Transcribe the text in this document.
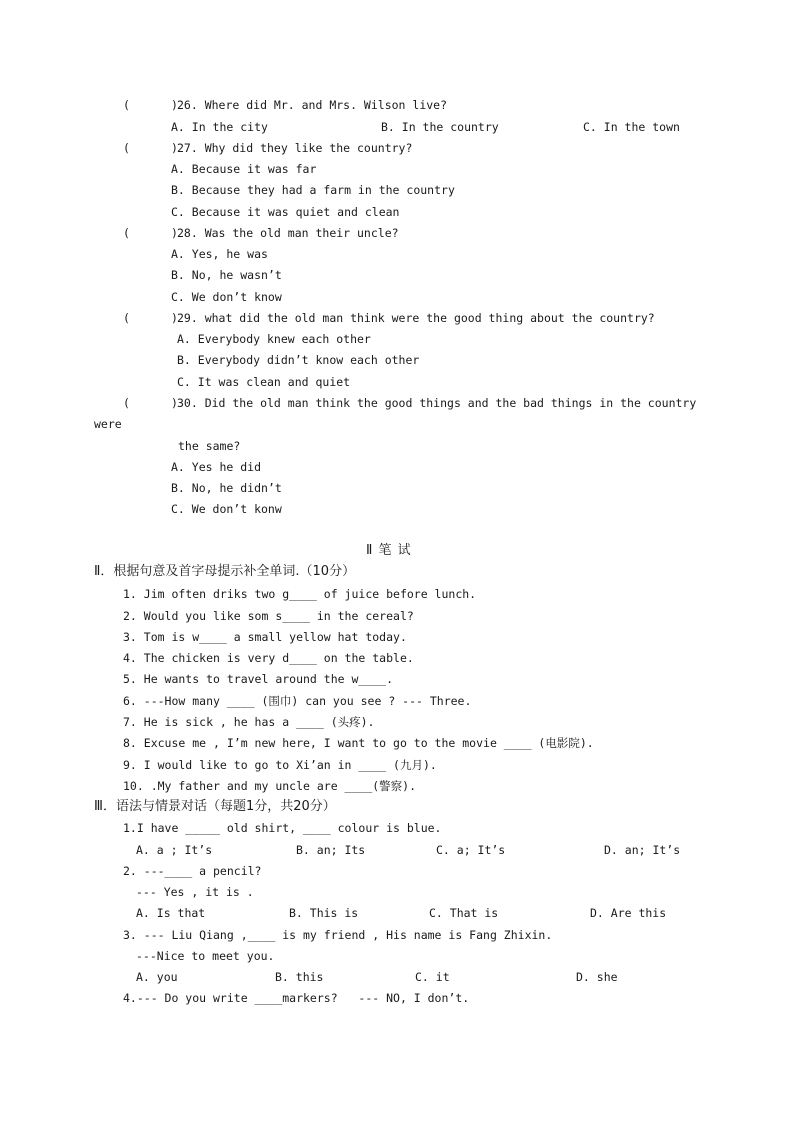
(	) 26. Where did Mr. and Mrs. Wilson live?
A. In the city	B. In the country	C. In the town
(	) 27. Why did they like the country?
A. Because it was far
B. Because they had a farm in the country
C. Because it was quiet and clean
(	) 28. Was the old man their uncle?
A. Yes, he was
B. No, he wasn’t
C. We don’t know
(	) 29. what did the old man think were the good thing about the country?
A. Everybody knew each other
B. Everybody didn’t know each other
C. It was clean and quiet
(	) 30. Did the old man think the good things and the bad things in the country
were
the same?
A. Yes he did
B. No, he didn’t
C. We don’t konw
Ⅱ 笔 试
Ⅱ．根据句意及首字母提示补全单词.（10分）
1. Jim often driks two g____ of juice before lunch.
2. Would you like som s____ in the cereal?
3. Tom is w____ a small yellow hat today.
4. The chicken is very d____ on the table.
5. He wants to travel around the w____.
6. ---How many ____ (围巾) can you see ? --- Three.
7. He is sick , he has a ____ (头疼).
8. Excuse me , I’m new here, I want to go to the movie ____ (电影院).
9. I would like to go to Xi’an in ____ (九月).
10. .My father and my uncle are ____(警察).
Ⅲ．语法与情景对话（每题1分，共20分）
1.I have _____ old shirt, ____ colour is blue.
A. a ; It’s	B. an; Its	C. a; It’s	D. an; It’s
2. ---____ a pencil?
--- Yes , it is .
A. Is that	B. This is	C. That is	D. Are this
3. --- Liu Qiang ,____ is my friend , His name is Fang Zhixin.
---Nice to meet you.
A. you	B. this	C. it	D. she
4.--- Do you write ____markers?   --- NO, I don’t.
